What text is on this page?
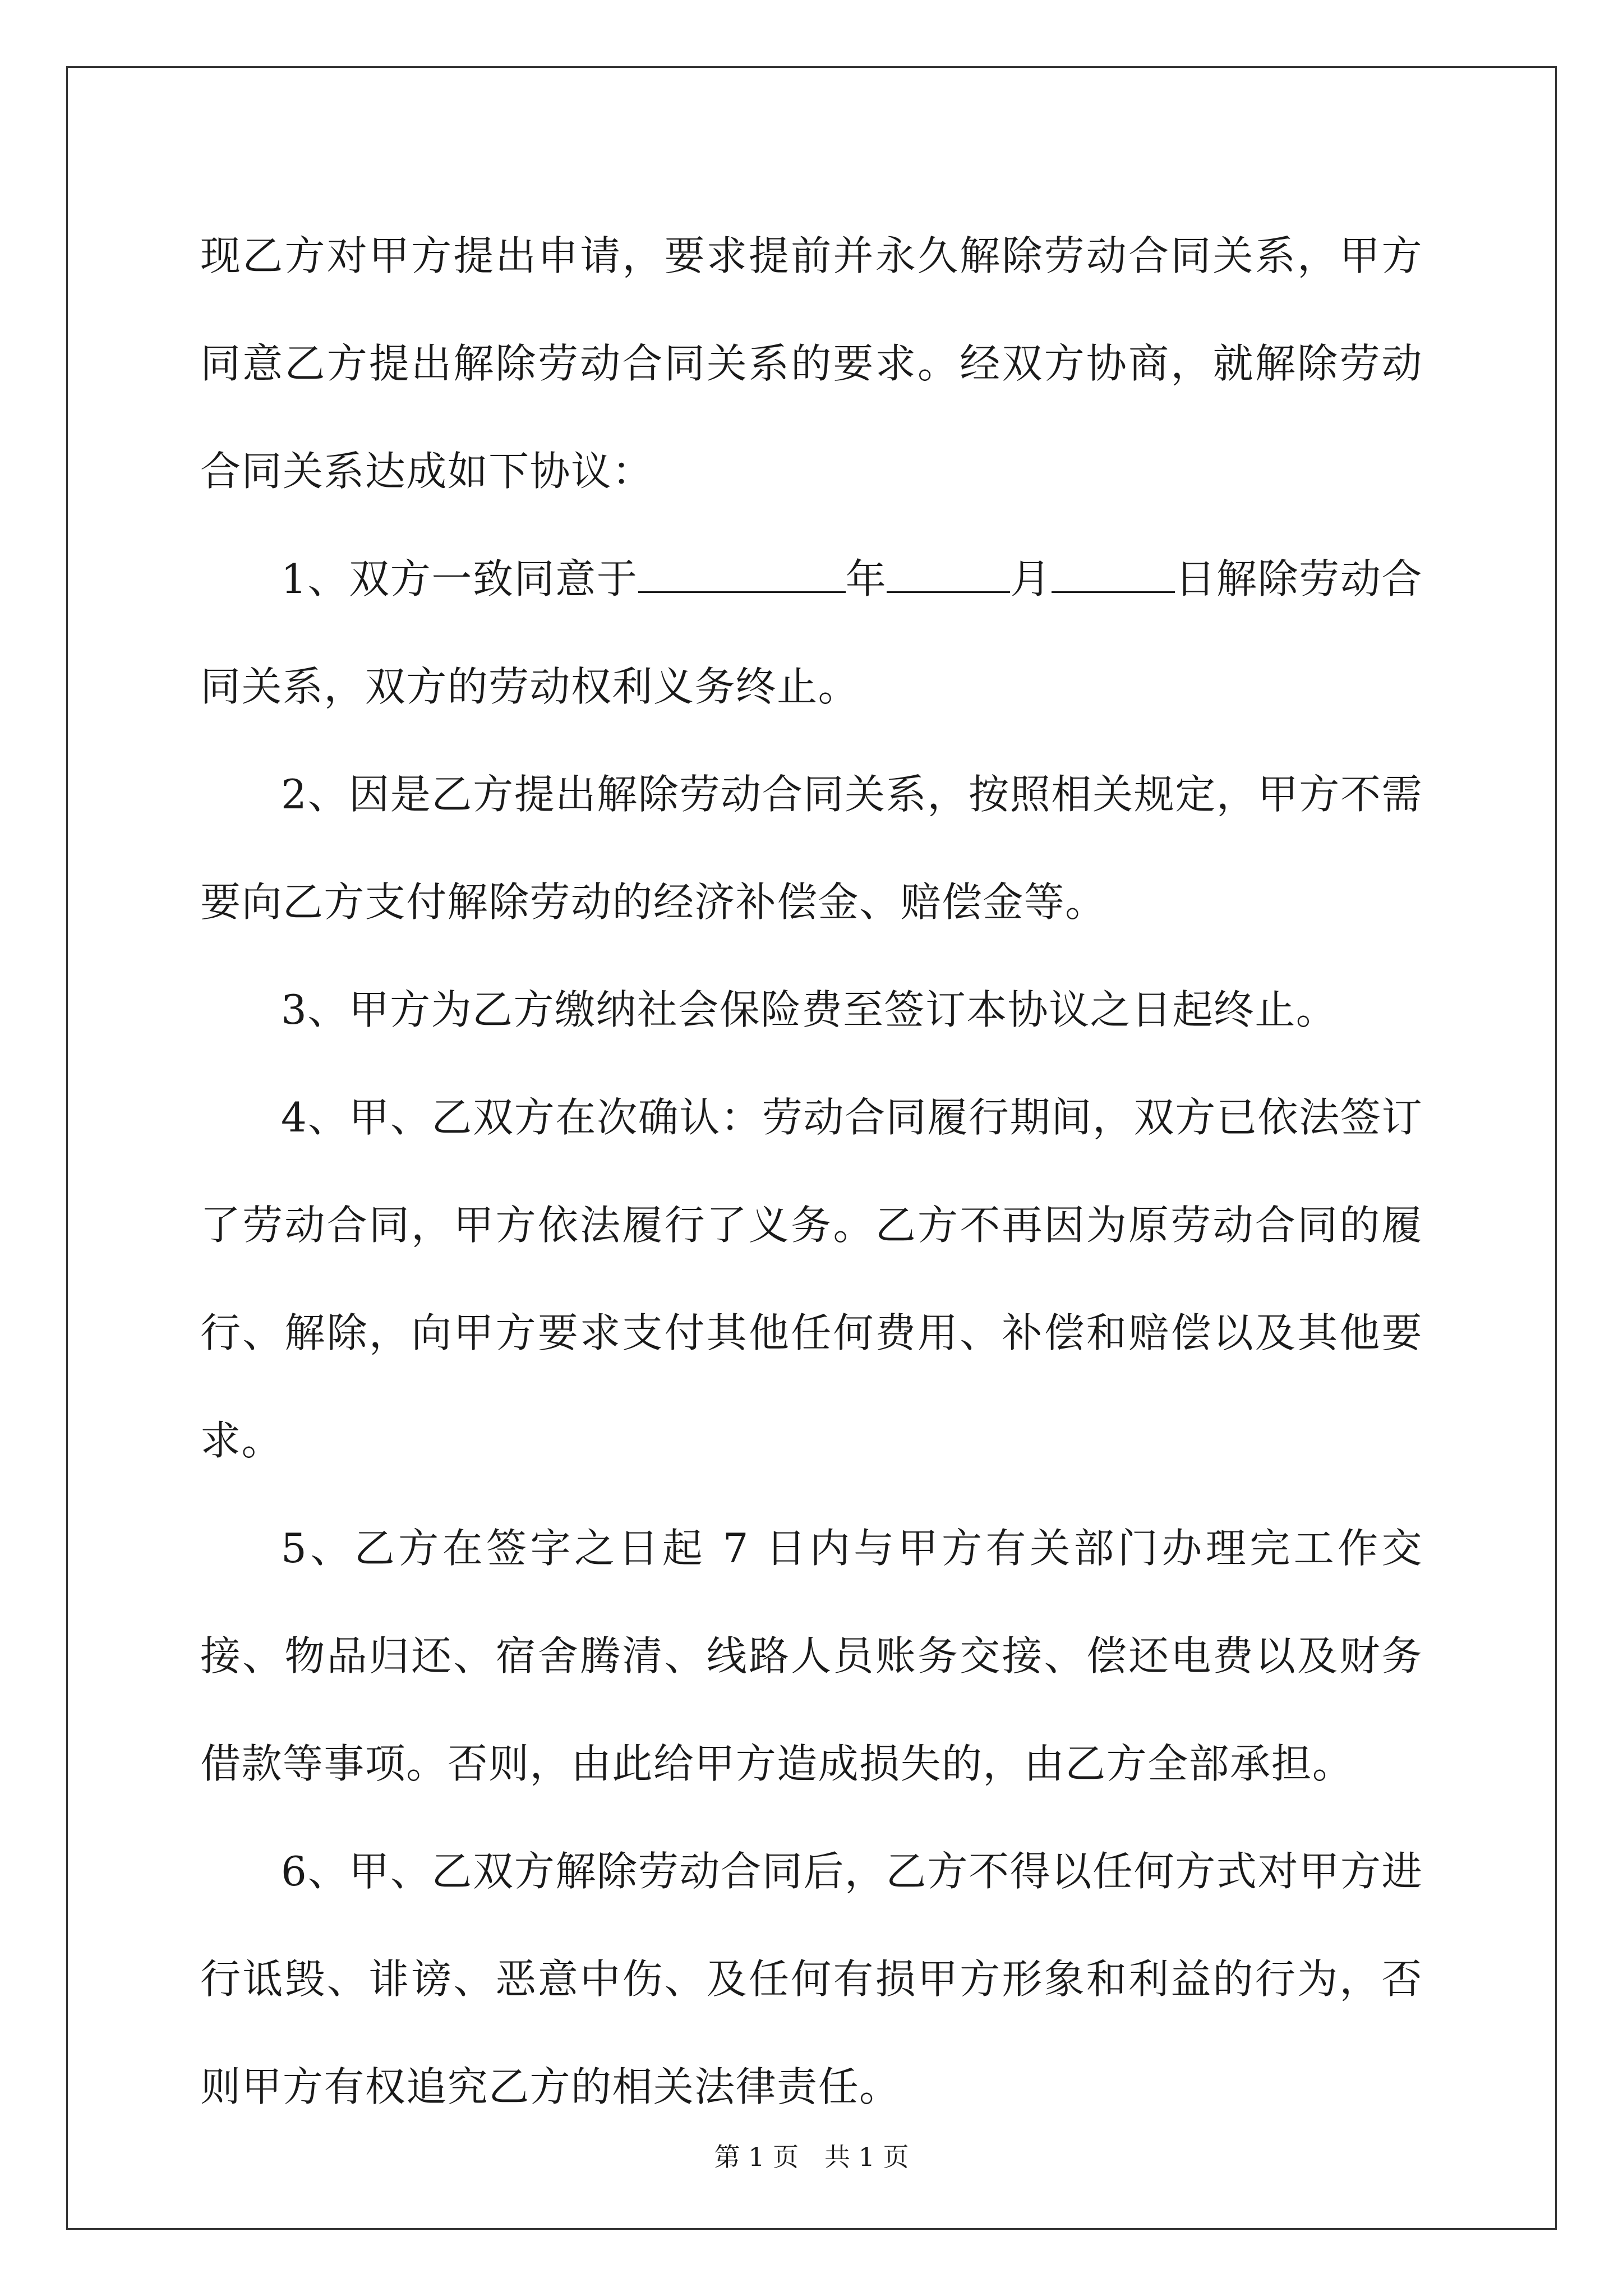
现乙方对甲方提出申请，要求提前并永久解除劳动合同关系，甲方同意乙方提出解除劳动合同关系的要求。经双方协商，就解除劳动合同关系达成如下协议：

1、双方一致同意于	年	月	日解除劳动合同关系，双方的劳动权利义务终止。

2、因是乙方提出解除劳动合同关系，按照相关规定，甲方不需要向乙方支付解除劳动的经济补偿金、赔偿金等。

3、甲方为乙方缴纳社会保险费至签订本协议之日起终止。

4、甲、乙双方在次确认：劳动合同履行期间，双方已依法签订了劳动合同，甲方依法履行了义务。乙方不再因为原劳动合同的履行、解除，向甲方要求支付其他任何费用、补偿和赔偿以及其他要求。

5、乙方在签字之日起 7 日内与甲方有关部门办理完工作交接、物品归还、宿舍腾清、线路人员账务交接、偿还电费以及财务借款等事项。否则，由此给甲方造成损失的，由乙方全部承担。

6、甲、乙双方解除劳动合同后，乙方不得以任何方式对甲方进行诋毁、诽谤、恶意中伤、及任何有损甲方形象和利益的行为，否则甲方有权追究乙方的相关法律责任。

第 1 页　共 1 页
